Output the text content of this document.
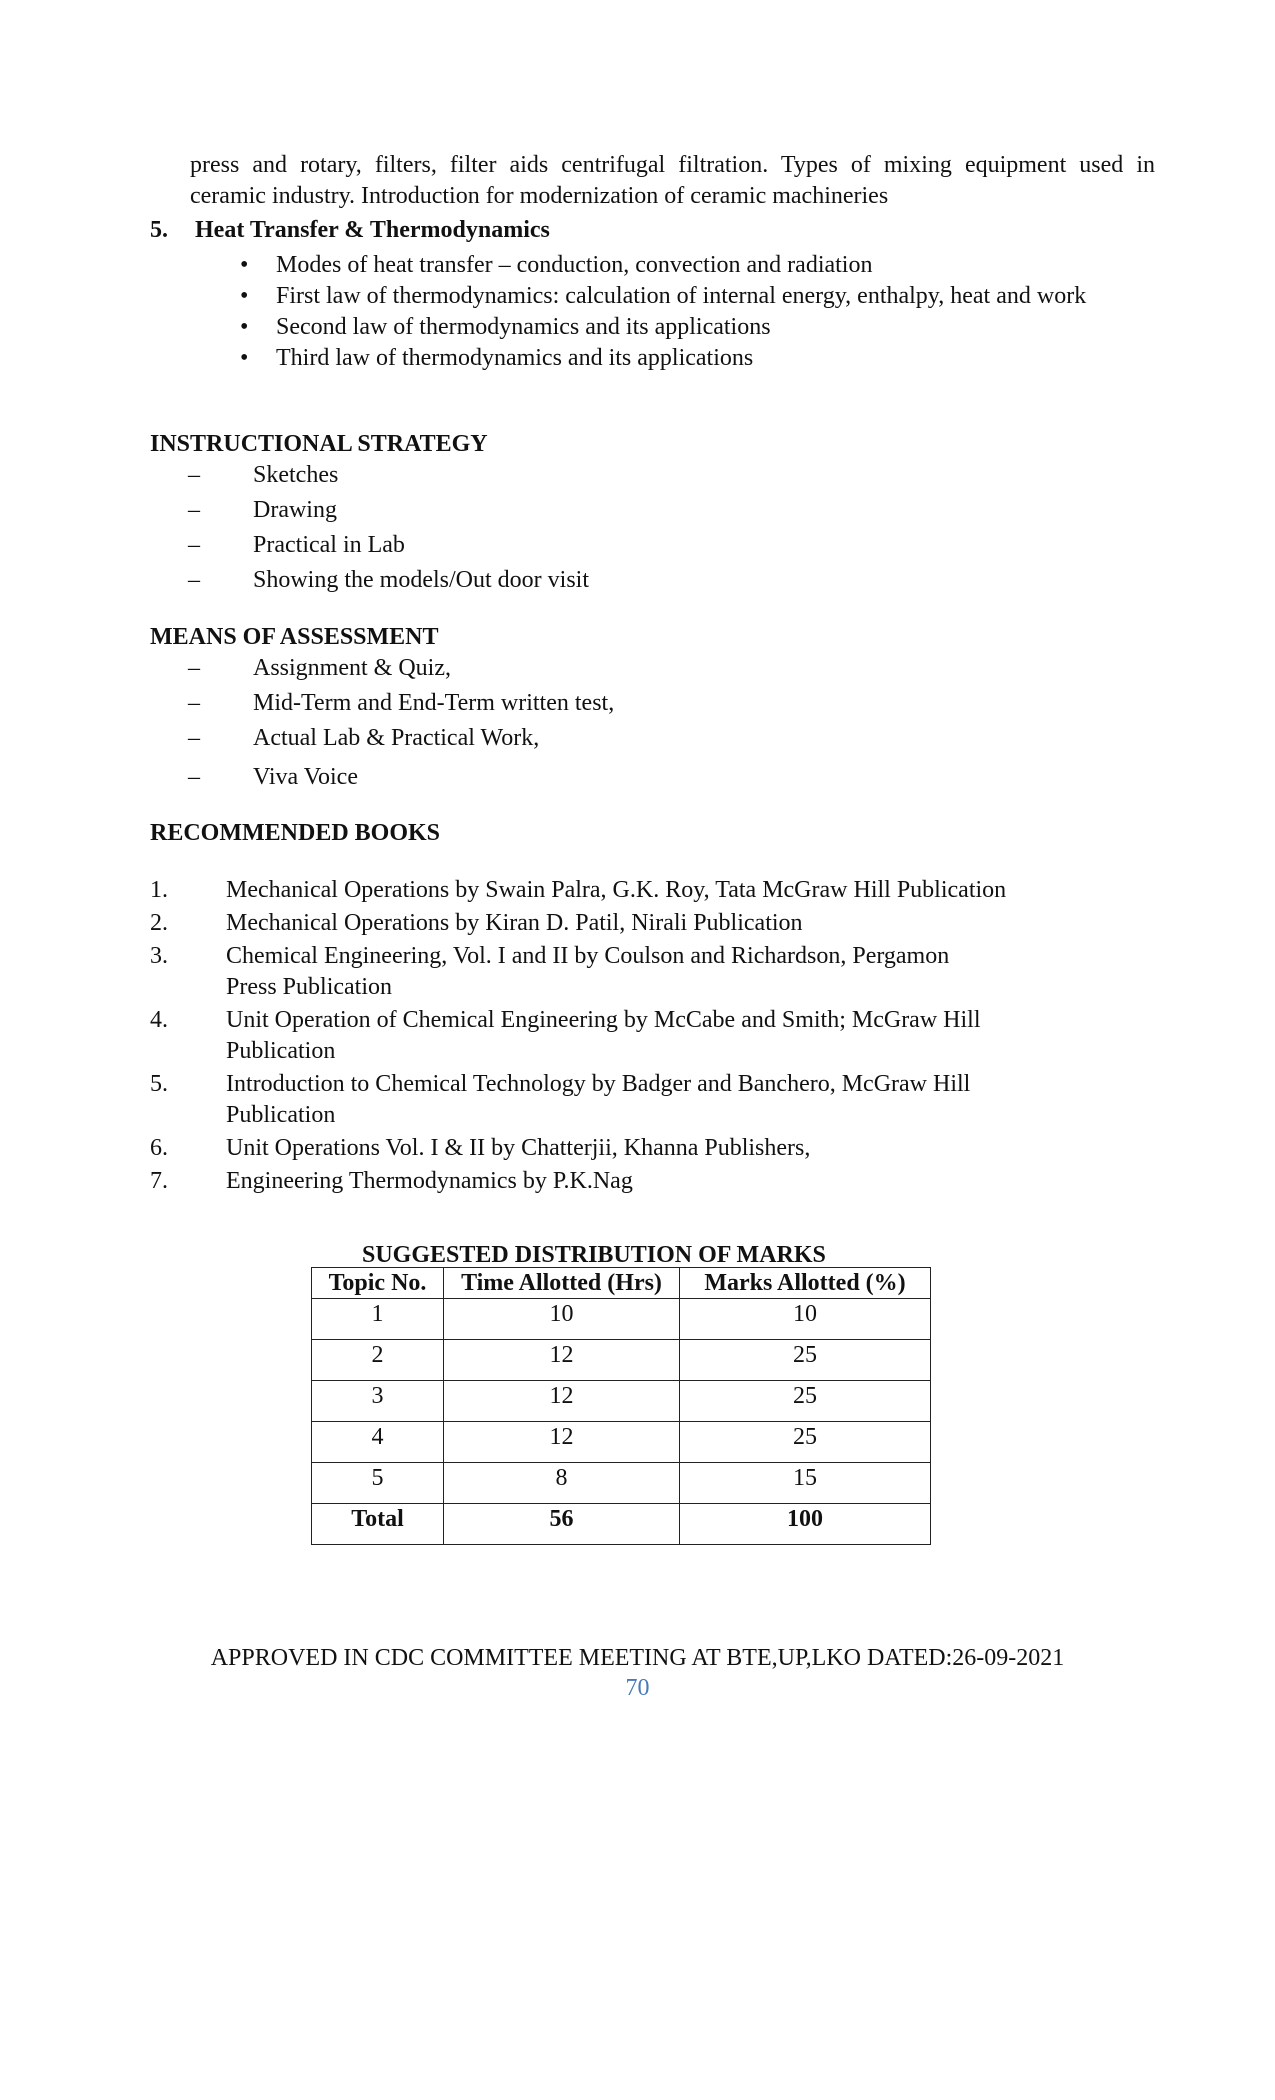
press and rotary, filters, filter aids centrifugal filtration. Types of mixing equipment used in

ceramic industry. Introduction for modernization of ceramic machineries

5. Heat Transfer & Thermodynamics
• Modes of heat transfer – conduction, convection and radiation
• First law of thermodynamics: calculation of internal energy, enthalpy, heat and work
• Second law of thermodynamics and its applications
• Third law of thermodynamics and its applications
INSTRUCTIONAL STRATEGY
– Sketches
– Drawing
– Practical in Lab
– Showing the models/Out door visit
MEANS OF ASSESSMENT
– Assignment & Quiz,
– Mid-Term and End-Term written test,
– Actual Lab & Practical Work,
– Viva Voice
RECOMMENDED BOOKS
1. Mechanical Operations by Swain Palra, G.K. Roy, Tata McGraw Hill Publication
2. Mechanical Operations by Kiran D. Patil, Nirali Publication
3. Chemical Engineering, Vol. I and II by Coulson and Richardson, Pergamon Press Publication
4. Unit Operation of Chemical Engineering by McCabe and Smith; McGraw Hill Publication
5. Introduction to Chemical Technology by Badger and Banchero, McGraw Hill Publication
6. Unit Operations Vol. I & II by Chatterjii, Khanna Publishers,
7. Engineering Thermodynamics by P.K.Nag
SUGGESTED DISTRIBUTION OF MARKS
Topic No.	Time Allotted (Hrs)	Marks Allotted (%)
1	10	10
2	12	25
3	12	25
4	12	25
5	8	15
Total	56	100
APPROVED IN CDC COMMITTEE MEETING AT BTE,UP,LKO DATED:26-09-2021
70
